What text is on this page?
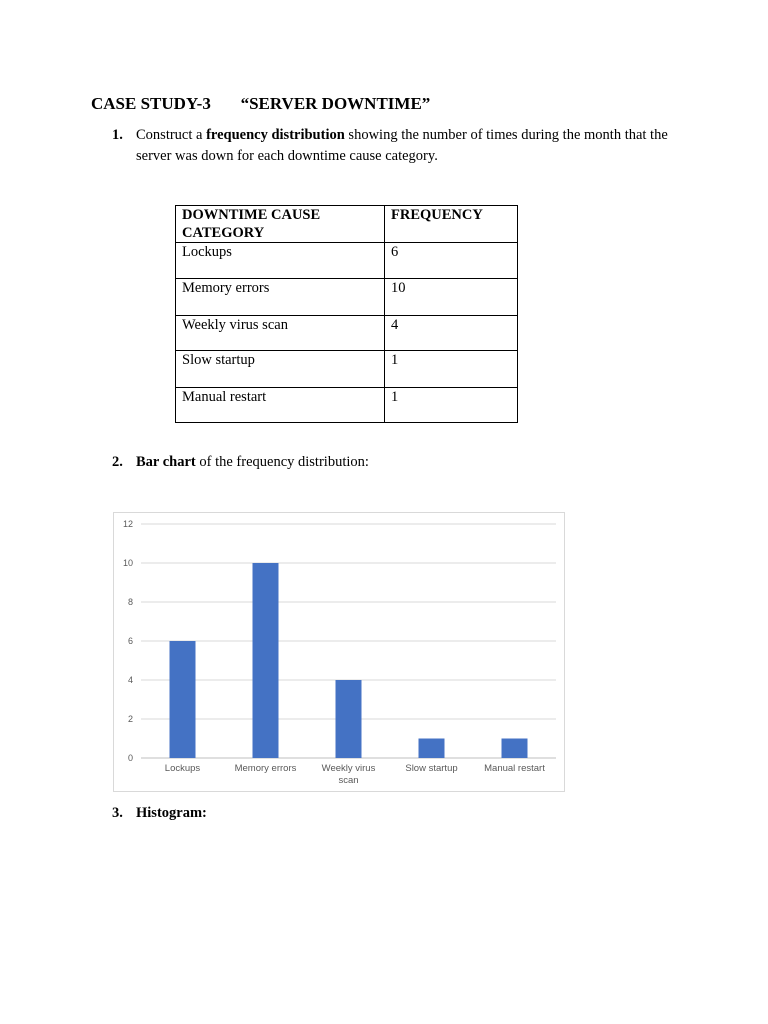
CASE STUDY-3       “SERVER DOWNTIME”
1. Construct a frequency distribution showing the number of times during the month that the server was down for each downtime cause category.
DOWNTIME CAUSE CATEGORY	FREQUENCY
Lockups	6
Memory errors	10
Weekly virus scan	4
Slow startup	1
Manual restart	1
2. Bar chart of the frequency distribution:
0
2
4
6
8
10
12
Lockups	Memory errors	Weekly virus scan
Slow startup	Manual restart
3. Histogram:
